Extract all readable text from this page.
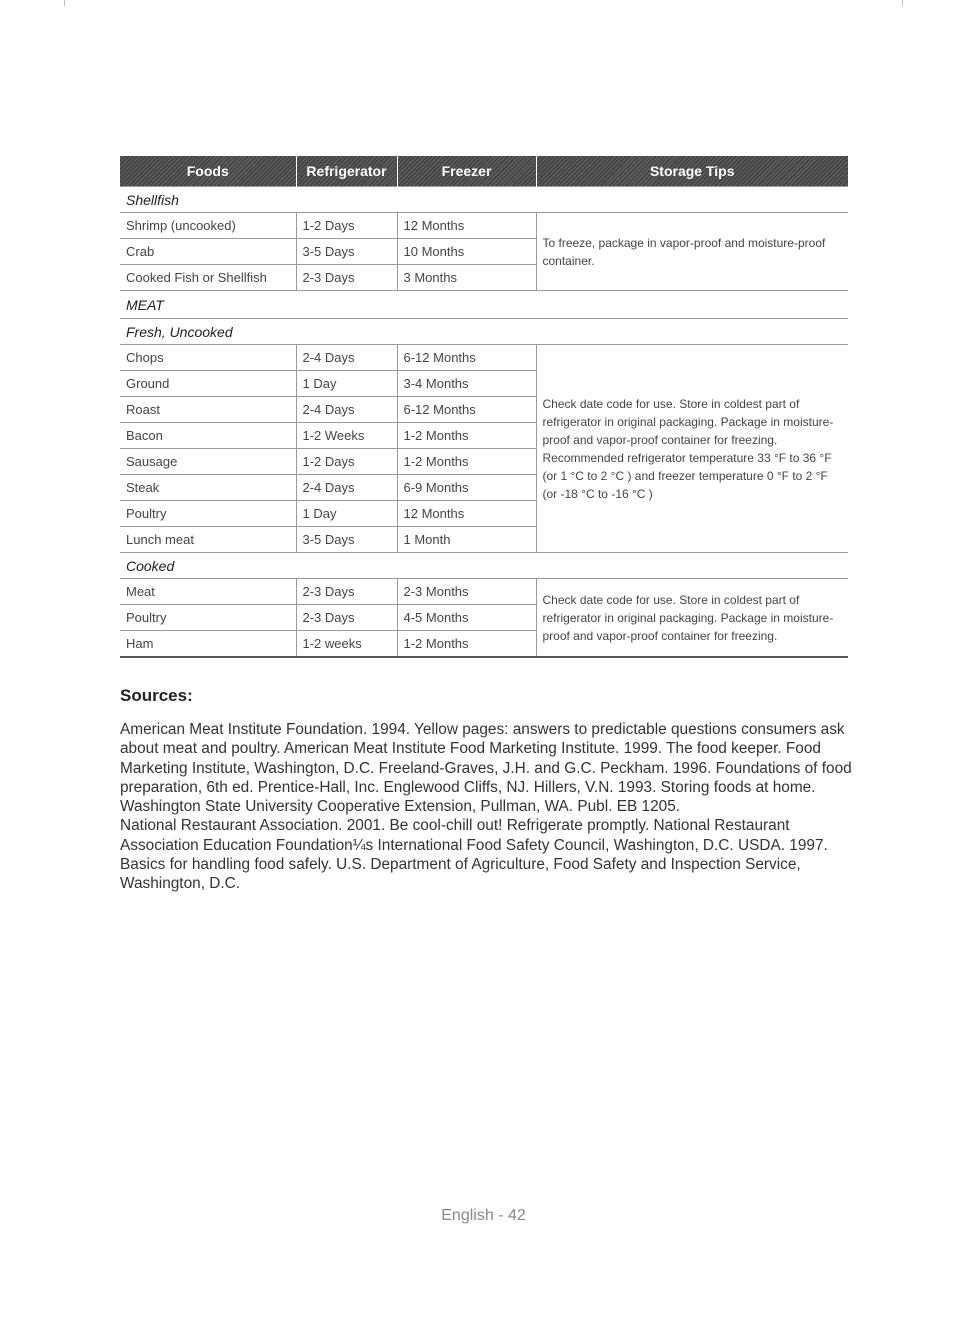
Foods	Refrigerator	Freezer	Storage Tips
Shellfish			
Shrimp (uncooked)	1-2 Days	12 Months	To freeze, package in vapor-proof and moisture-proof container.
Crab	3-5 Days	10 Months	
Cooked Fish or Shellfish	2-3 Days	3 Months	
MEAT			
Fresh, Uncooked			
Chops	2-4 Days	6-12 Months	Check date code for use. Store in coldest part of refrigerator in original packaging. Package in moisture-proof and vapor-proof container for freezing. Recommended refrigerator temperature 33 °F to 36 °F (or 1 °C to 2 °C ) and freezer temperature 0 °F to 2 °F (or -18 °C to -16 °C )
Ground	1 Day	3-4 Months	
Roast	2-4 Days	6-12 Months	
Bacon	1-2 Weeks	1-2 Months	
Sausage	1-2 Days	1-2 Months	
Steak	2-4 Days	6-9 Months	
Poultry	1 Day	12 Months	
Lunch meat	3-5 Days	1 Month	
Cooked			
Meat	2-3 Days	2-3 Months	Check date code for use. Store in coldest part of refrigerator in original packaging. Package in moisture-proof and vapor-proof container for freezing.
Poultry	2-3 Days	4-5 Months	
Ham	1-2 weeks	1-2 Months	
Sources:

American Meat Institute Foundation. 1994. Yellow pages: answers to predictable questions consumers ask about meat and poultry. American Meat Institute Food Marketing Institute. 1999. The food keeper. Food Marketing Institute, Washington, D.C. Freeland-Graves, J.H. and G.C. Peckham. 1996. Foundations of food preparation, 6th ed. Prentice-Hall, Inc. Englewood Cliffs, NJ. Hillers, V.N. 1993. Storing foods at home. Washington State University Cooperative Extension, Pullman, WA. Publ. EB 1205.

National Restaurant Association. 2001. Be cool-chill out! Refrigerate promptly. National Restaurant Association Education Foundation¼s International Food Safety Council, Washington, D.C. USDA. 1997. Basics for handling food safely. U.S. Department of Agriculture, Food Safety and Inspection Service, Washington, D.C.

English - 42
